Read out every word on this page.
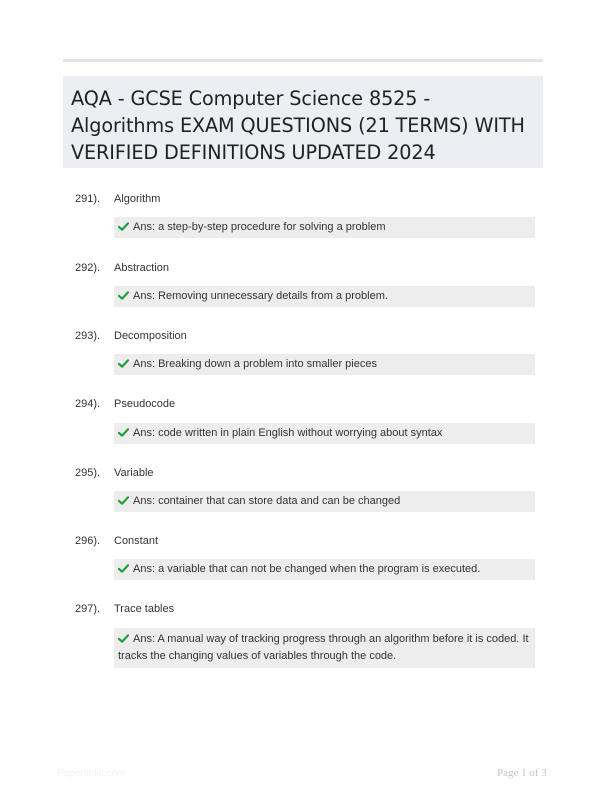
AQA - GCSE Computer Science 8525 - Algorithms EXAM QUESTIONS (21 TERMS) WITH VERIFIED DEFINITIONS UPDATED 2024
291). Algorithm
Ans: a step-by-step procedure for solving a problem
292). Abstraction
Ans: Removing unnecessary details from a problem.
293). Decomposition
Ans: Breaking down a problem into smaller pieces
294). Pseudocode
Ans: code written in plain English without worrying about syntax
295). Variable
Ans: container that can store data and can be changed
296). Constant
Ans: a variable that can not be changed when the program is executed.
297). Trace tables
Ans: A manual way of tracking progress through an algorithm before it is coded. It tracks the changing values of variables through the code.
Papertiblic.com	Page 1 of 3
